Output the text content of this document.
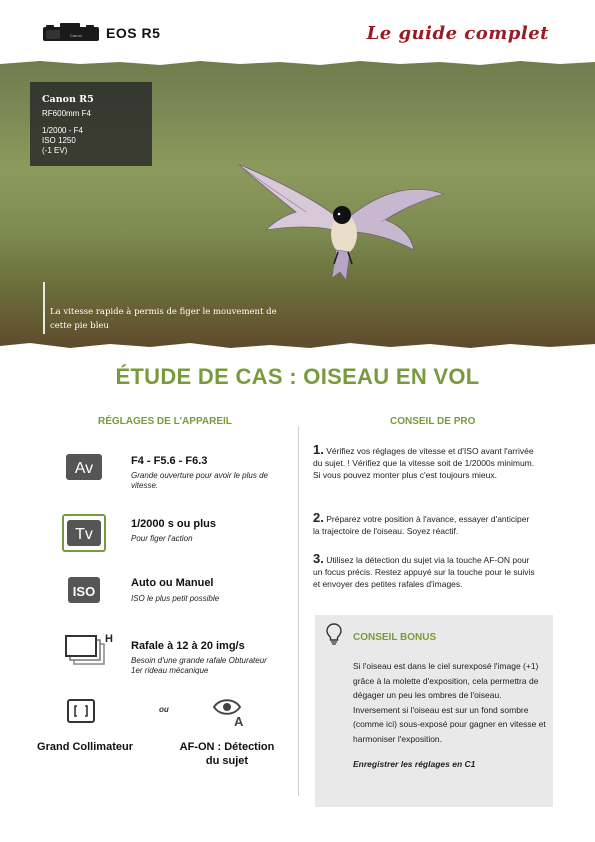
Canon EOS R5	Le guide complet
Canon R5
RF600mm F4
1/2000 - F4
ISO 1250
(-1 EV)
La vitesse rapide à permis de figer le mouvement de cette pie bleu
ÉTUDE DE CAS : OISEAU EN VOL
RÉGLAGES DE L'APPAREIL
Av	F4 - F5.6 - F6.3
Grande ouverture pour avoir le plus de vitesse.
Tv
1/2000 s ou plus
Pour figer l'action
ISO
Auto ou Manuel
ISO le plus petit possible
H
Rafale à 12 à 20 img/s
Besoin d'une grande rafale Obturateur 1er rideau mécanique
ou
A
Grand Collimateur	AF-ON : Détection du sujet
CONSEIL DE PRO
1. Vérifiez vos réglages de vitesse et d'ISO avant l'arrivée du sujet. ! Vérifiez que la vitesse soit de 1/2000s minimum. Si vous pouvez monter plus c'est toujours mieux.
2. Préparez votre position à l'avance, essayer d'anticiper la trajectoire de l'oiseau. Soyez réactif.
3. Utilisez la détection du sujet via la touche AF-ON pour un focus précis. Restez appuyé sur la touche pour le suivis et envoyer des petites rafales d'images.
CONSEIL BONUS
Si l'oiseau est dans le ciel surexposé l'image (+1) grâce à la molette d'exposition, cela permettra de dégager un peu les ombres de l'oiseau. Inversement si l'oiseau est sur un fond sombre (comme ici) sous-exposé pour gagner en vitesse et harmoniser l'exposition.
Enregistrer les réglages en C1
